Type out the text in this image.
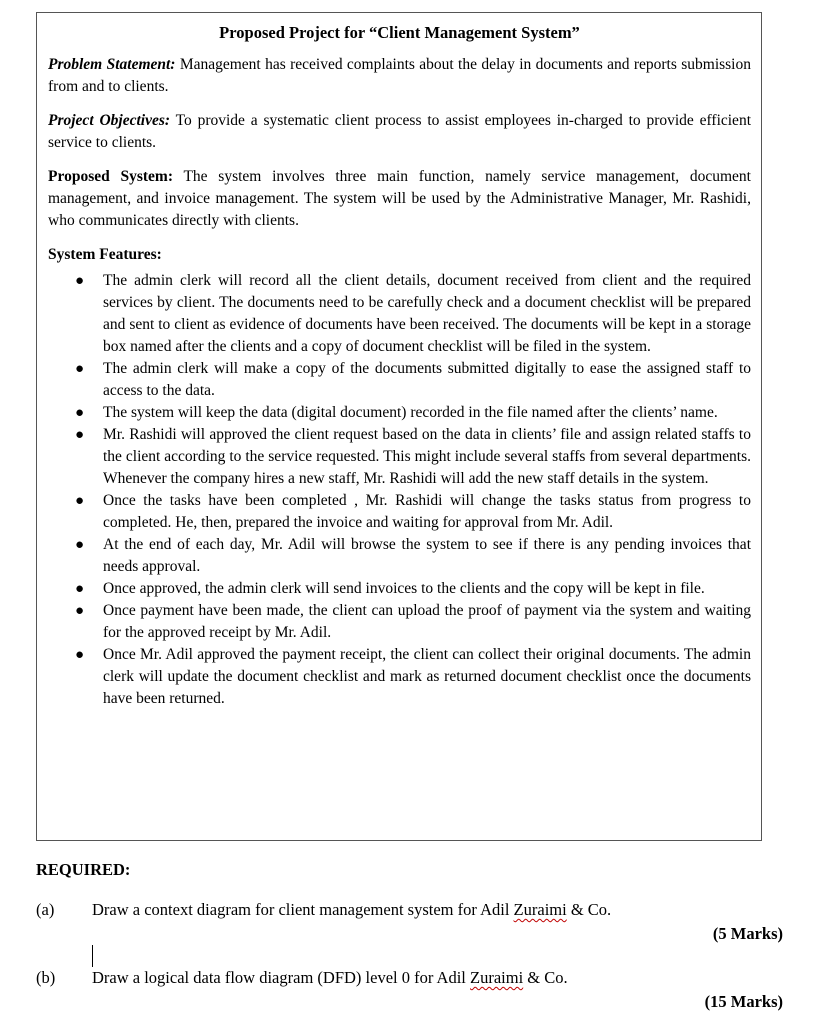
Proposed Project for “Client Management System”

Problem Statement: Management has received complaints about the delay in documents and reports submission from and to clients.

Project Objectives: To provide a systematic client process to assist employees in-charged to provide efficient service to clients.

Proposed System: The system involves three main function, namely service management, document management, and invoice management. The system will be used by the Administrative Manager, Mr. Rashidi, who communicates directly with clients.

System Features:

● The admin clerk will record all the client details, document received from client and the required services by client. The documents need to be carefully check and a document checklist will be prepared and sent to client as evidence of documents have been received. The documents will be kept in a storage box named after the clients and a copy of document checklist will be filed in the system.
● The admin clerk will make a copy of the documents submitted digitally to ease the assigned staff to access to the data.
● The system will keep the data (digital document) recorded in the file named after the clients’ name.
● Mr. Rashidi will approved the client request based on the data in clients’ file and assign related staffs to the client according to the service requested. This might include several staffs from several departments. Whenever the company hires a new staff, Mr. Rashidi will add the new staff details in the system.
● Once the tasks have been completed , Mr. Rashidi will change the tasks status from progress to completed. He, then, prepared the invoice and waiting for approval from Mr. Adil.
● At the end of each day, Mr. Adil will browse the system to see if there is any pending invoices that needs approval.
● Once approved, the admin clerk will send invoices to the clients and the copy will be kept in file.
● Once payment have been made, the client can upload the proof of payment via the system and waiting for the approved receipt by Mr. Adil.
● Once Mr. Adil approved the payment receipt, the client can collect their original documents. The admin clerk will update the document checklist and mark as returned document checklist once the documents have been returned.
REQUIRED:
(a) Draw a context diagram for client management system for Adil Zuraimi & Co.
(5 Marks)
(b) Draw a logical data flow diagram (DFD) level 0 for Adil Zuraimi & Co.
(15 Marks)
